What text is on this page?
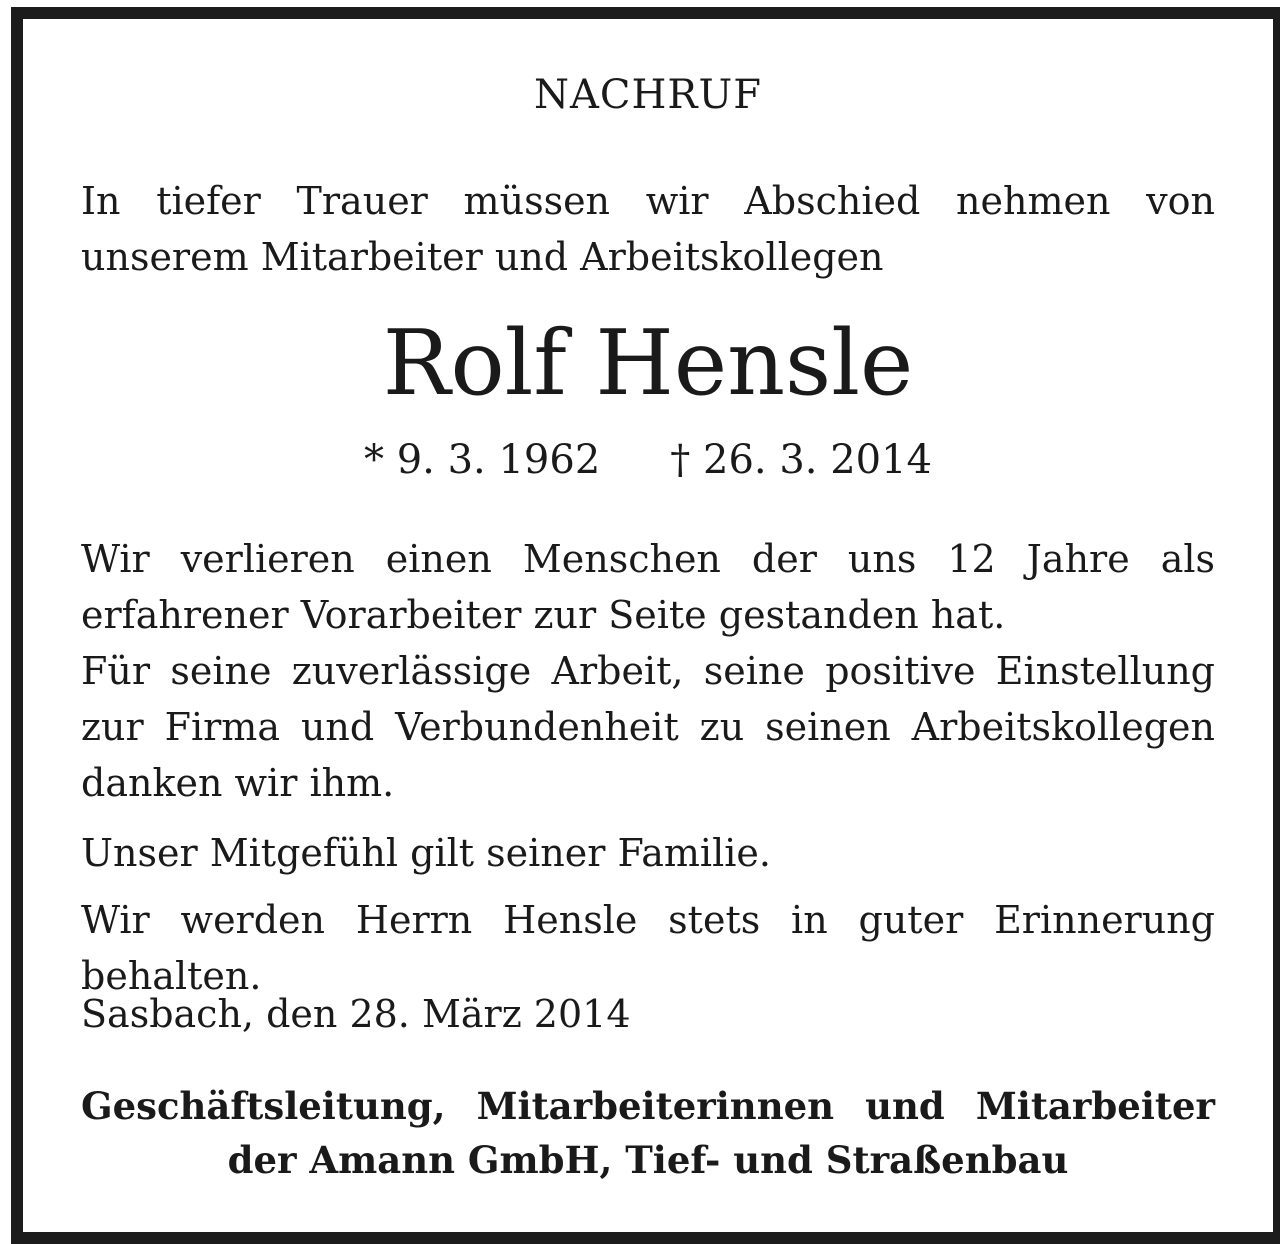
NACHRUF
In tiefer Trauer müssen wir Abschied nehmen von unserem Mitarbeiter und Arbeitskollegen
Rolf Hensle
* 9. 3. 1962 † 26. 3. 2014
Wir verlieren einen Menschen der uns 12 Jahre als erfahrener Vorarbeiter zur Seite gestanden hat.
Für seine zuverlässige Arbeit, seine positive Einstellung zur Firma und Verbundenheit zu seinen Arbeitskollegen danken wir ihm.
Unser Mitgefühl gilt seiner Familie.
Wir werden Herrn Hensle stets in guter Erinnerung behalten.
Sasbach, den 28. März 2014
Geschäftsleitung, Mitarbeiterinnen und Mitarbeiter
der Amann GmbH, Tief- und Straßenbau
